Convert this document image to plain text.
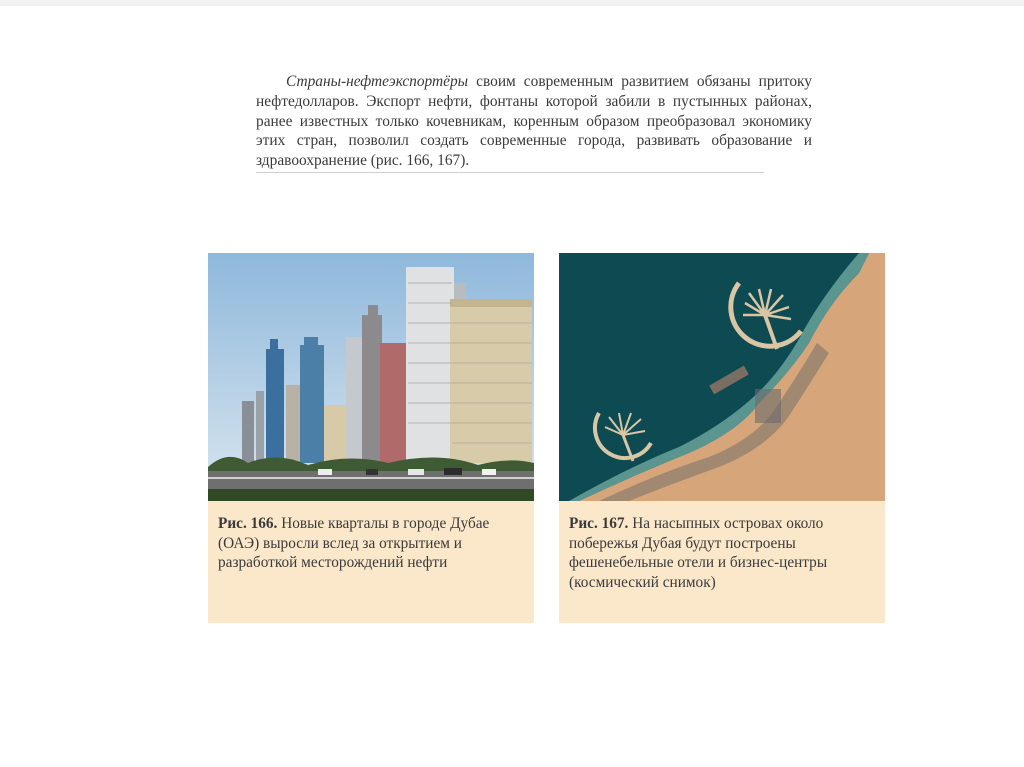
Страны-нефтеэкспортёры своим современным развитием обязаны притоку нефтедолларов. Экспорт нефти, фонтаны которой забили в пустынных районах, ранее известных только кочевникам, коренным образом преобразовал экономику этих стран, позволил создать современные города, развивать образование и здравоохранение (рис. 166, 167).

Рис. 166. Новые кварталы в городе Дубае (ОАЭ) выросли вслед за открытием и разработкой месторождений нефти
Рис. 167. На насыпных островах около побережья Дубая будут построены фешенебельные отели и бизнес-центры (космический снимок)
